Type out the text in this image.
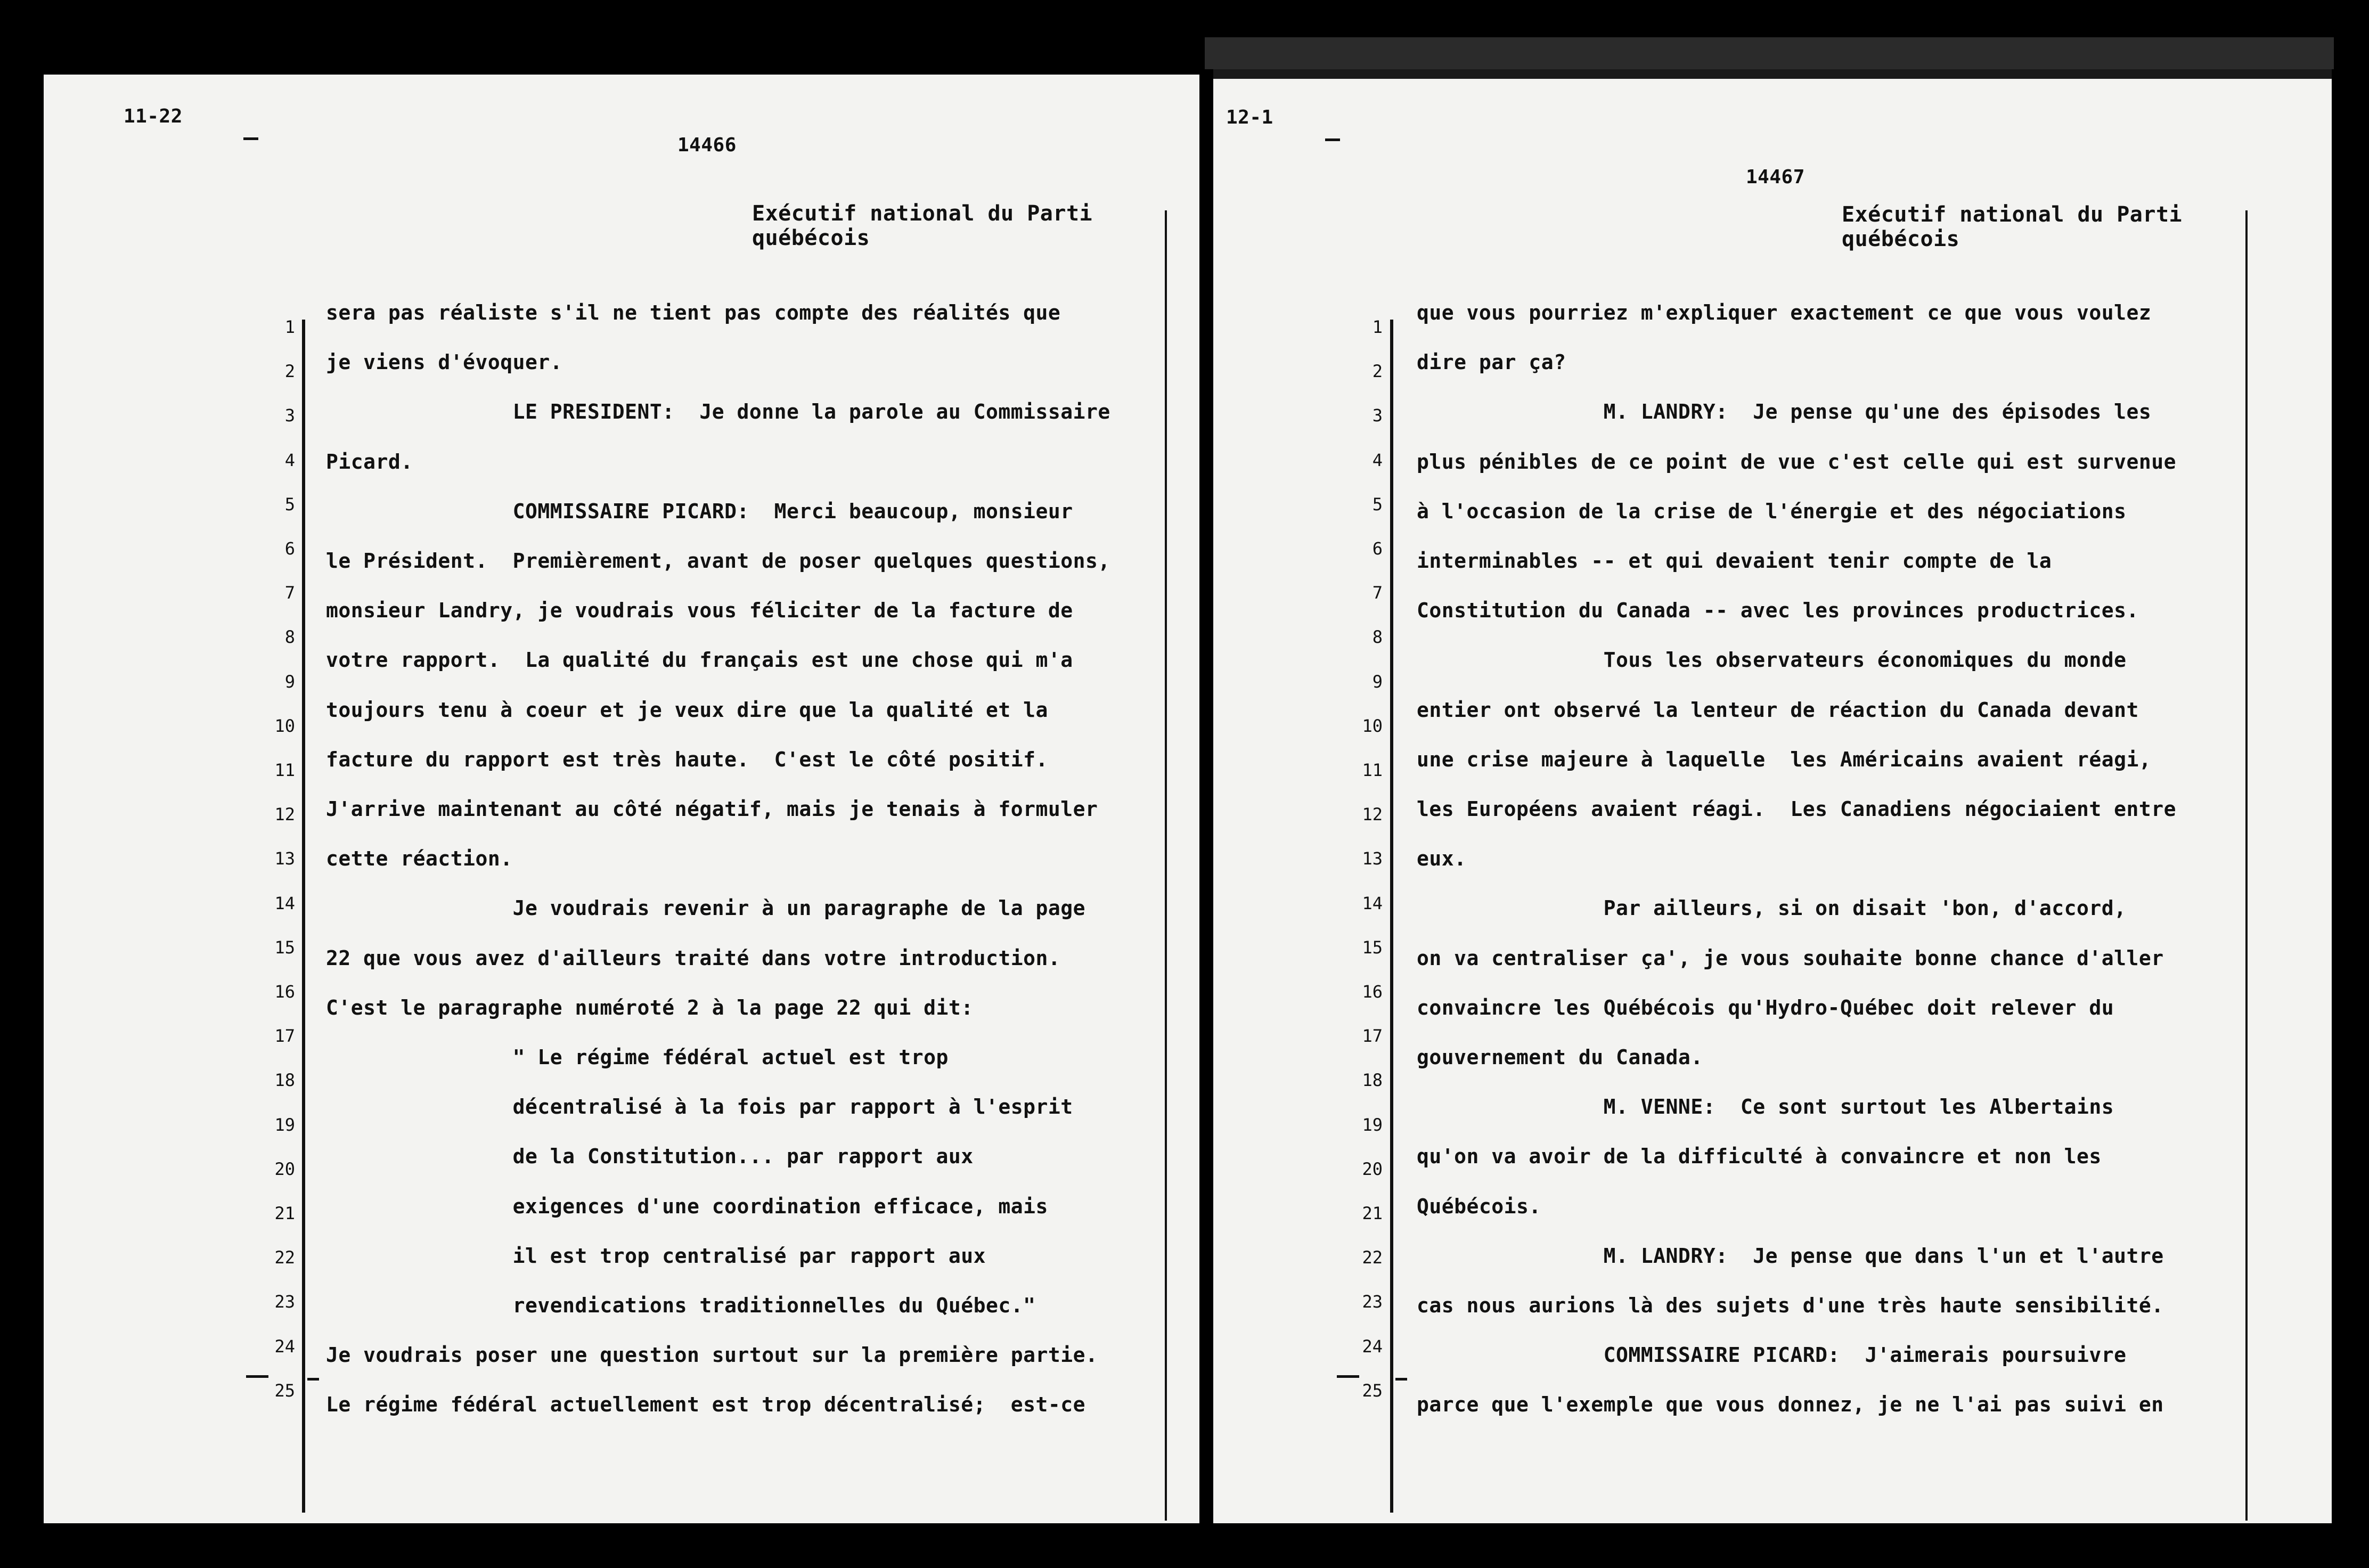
11-22
14466
Exécutif national du Parti
québécois
1
2
3
4
5
6
7
8
9
10
11
12
13
14
15
16
17
18
19
20
21
22
23
24
25
sera pas réaliste s'il ne tient pas compte des réalités que
je viens d'évoquer.
LE PRESIDENT:  Je donne la parole au Commissaire
Picard.
COMMISSAIRE PICARD:  Merci beaucoup, monsieur
le Président.  Premièrement, avant de poser quelques questions,
monsieur Landry, je voudrais vous féliciter de la facture de
votre rapport.  La qualité du français est une chose qui m'a
toujours tenu à coeur et je veux dire que la qualité et la
facture du rapport est très haute.  C'est le côté positif.
J'arrive maintenant au côté négatif, mais je tenais à formuler
cette réaction.
Je voudrais revenir à un paragraphe de la page
22 que vous avez d'ailleurs traité dans votre introduction.
C'est le paragraphe numéroté 2 à la page 22 qui dit:
" Le régime fédéral actuel est trop
décentralisé à la fois par rapport à l'esprit
de la Constitution... par rapport aux
exigences d'une coordination efficace, mais
il est trop centralisé par rapport aux
revendications traditionnelles du Québec."
Je voudrais poser une question surtout sur la première partie.
Le régime fédéral actuellement est trop décentralisé;  est-ce
12-1
14467
Exécutif national du Parti
québécois
1
2
3
4
5
6
7
8
9
10
11
12
13
14
15
16
17
18
19
20
21
22
23
24
25
que vous pourriez m'expliquer exactement ce que vous voulez
dire par ça?
M. LANDRY:  Je pense qu'une des épisodes les
plus pénibles de ce point de vue c'est celle qui est survenue
à l'occasion de la crise de l'énergie et des négociations
interminables -- et qui devaient tenir compte de la
Constitution du Canada -- avec les provinces productrices.
Tous les observateurs économiques du monde
entier ont observé la lenteur de réaction du Canada devant
une crise majeure à laquelle  les Américains avaient réagi,
les Européens avaient réagi.  Les Canadiens négociaient entre
eux.
Par ailleurs, si on disait 'bon, d'accord,
on va centraliser ça', je vous souhaite bonne chance d'aller
convaincre les Québécois qu'Hydro-Québec doit relever du
gouvernement du Canada.
M. VENNE:  Ce sont surtout les Albertains
qu'on va avoir de la difficulté à convaincre et non les
Québécois.
M. LANDRY:  Je pense que dans l'un et l'autre
cas nous aurions là des sujets d'une très haute sensibilité.
COMMISSAIRE PICARD:  J'aimerais poursuivre
parce que l'exemple que vous donnez, je ne l'ai pas suivi en
